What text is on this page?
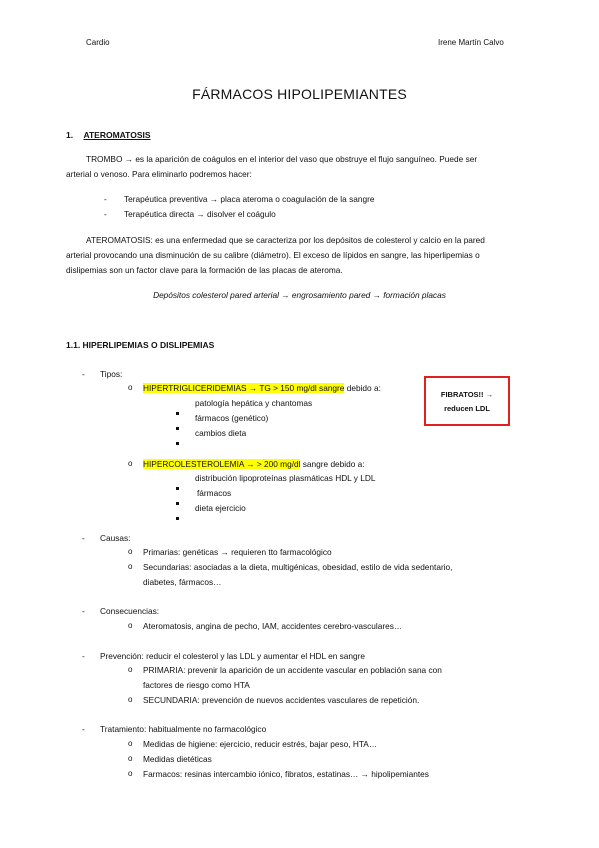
Cardio	Irene Martín Calvo
FÁRMACOS HIPOLIPEMIANTES
1. ATEROMATOSIS
TROMBO → es la aparición de coágulos en el interior del vaso que obstruye el flujo sanguíneo. Puede ser
arterial o venoso. Para eliminarlo podremos hacer:
- Terapéutica preventiva → placa ateroma o coagulación de la sangre
- Terapéutica directa → disolver el coágulo
ATEROMATOSIS: es una enfermedad que se caracteriza por los depósitos de colesterol y calcio en la pared
arterial provocando una disminución de su calibre (diámetro). El exceso de lípidos en sangre, las hiperlipemias o
dislipemias son un factor clave para la formación de las placas de ateroma.
Depósitos colesterol pared arterial → engrosamiento pared → formación placas
1.1. HIPERLIPEMIAS O DISLIPEMIAS
- Tipos:
o HIPERTRIGLICERIDEMIAS → TG > 150 mg/dl sangre debido a:
patología hepática y chantomas
fármacos (genético)
cambios dieta
FIBRATOS!! →
reducen LDL
o HIPERCOLESTEROLEMIA → > 200 mg/dl sangre debido a:
distribución lipoproteínas plasmáticas HDL y LDL
fármacos
dieta ejercicio
- Causas:
o Primarias: genéticas → requieren tto farmacológico
o Secundarias: asociadas a la dieta, multigénicas, obesidad, estilo de vida sedentario,
diabetes, fármacos…
- Consecuencias:
o Ateromatosis, angina de pecho, IAM, accidentes cerebro-vasculares…
- Prevención: reducir el colesterol y las LDL y aumentar el HDL en sangre
o PRIMARIA: prevenir la aparición de un accidente vascular en población sana con
factores de riesgo como HTA
o SECUNDARIA: prevención de nuevos accidentes vasculares de repetición.
- Tratamiento: habitualmente no farmacológico
o Medidas de higiene: ejercicio, reducir estrés, bajar peso, HTA…
o Medidas dietéticas
o Farmacos: resinas intercambio iónico, fibratos, estatinas… → hipolipemiantes
